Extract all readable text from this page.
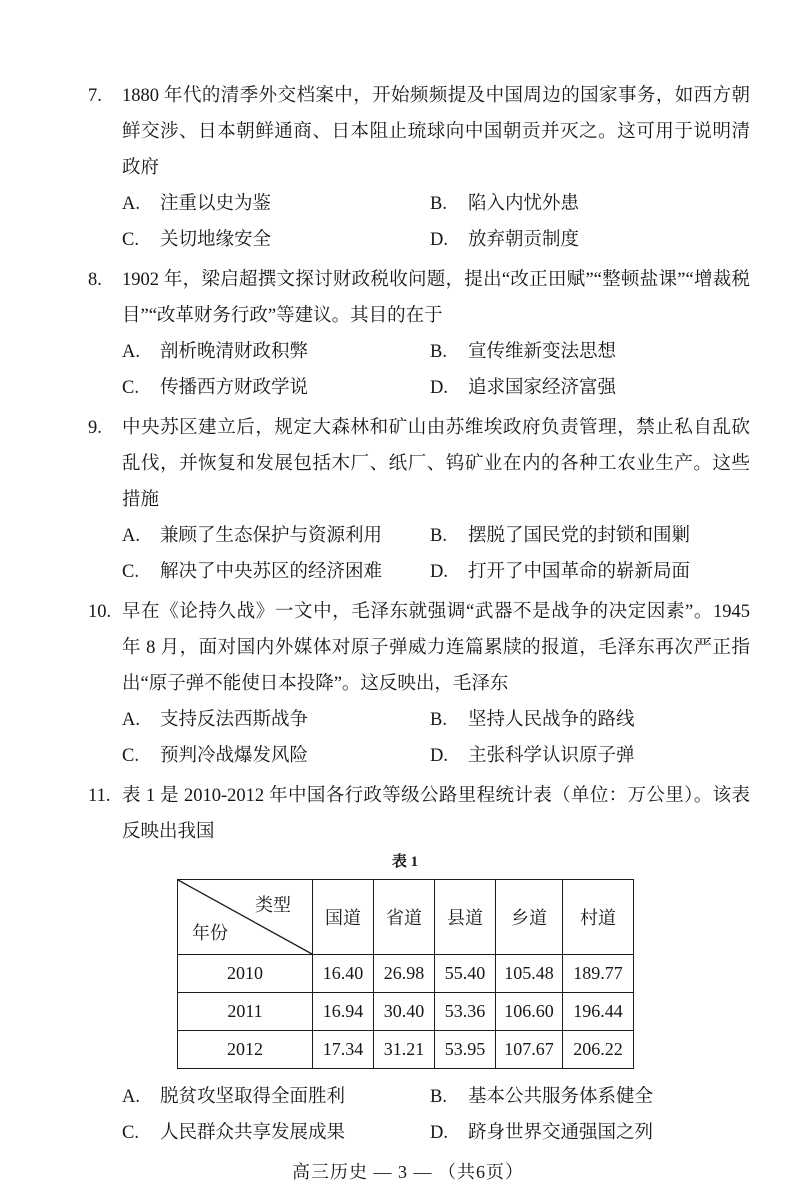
7.	1880 年代的清季外交档案中，开始频频提及中国周边的国家事务，如西方朝鲜交涉、日本朝鲜通商、日本阻止琉球向中国朝贡并灭之。这可用于说明清政府
A.	注重以史为鉴	B.	陷入内忧外患
C.	关切地缘安全	D.	放弃朝贡制度
8.	1902 年，梁启超撰文探讨财政税收问题，提出“改正田赋”“整顿盐课”“增裁税目”“改革财务行政”等建议。其目的在于
A.	剖析晚清财政积弊	B.	宣传维新变法思想
C.	传播西方财政学说	D.	追求国家经济富强
9.	中央苏区建立后，规定大森林和矿山由苏维埃政府负责管理，禁止私自乱砍乱伐，并恢复和发展包括木厂、纸厂、钨矿业在内的各种工农业生产。这些措施
A.	兼顾了生态保护与资源利用	B.	摆脱了国民党的封锁和围剿
C.	解决了中央苏区的经济困难	D.	打开了中国革命的崭新局面
10. 早在《论持久战》一文中，毛泽东就强调“武器不是战争的决定因素”。1945 年 8 月，面对国内外媒体对原子弹威力连篇累牍的报道，毛泽东再次严正指出“原子弹不能使日本投降”。这反映出，毛泽东
A.	支持反法西斯战争	B.	坚持人民战争的路线
C.	预判冷战爆发风险	D.	主张科学认识原子弹
11. 表 1 是 2010-2012 年中国各行政等级公路里程统计表（单位：万公里）。该表反映出我国
表 1
类型
年份	国道	省道	县道	乡道	村道
2010	16.40	26.98	55.40	105.48	189.77
2011	16.94	30.40	53.36	106.60	196.44
2012	17.34	31.21	53.95	107.67	206.22
A.	脱贫攻坚取得全面胜利	B.	基本公共服务体系健全
C.	人民群众共享发展成果	D.	跻身世界交通强国之列
高三历史 — 3 — （共6页）
